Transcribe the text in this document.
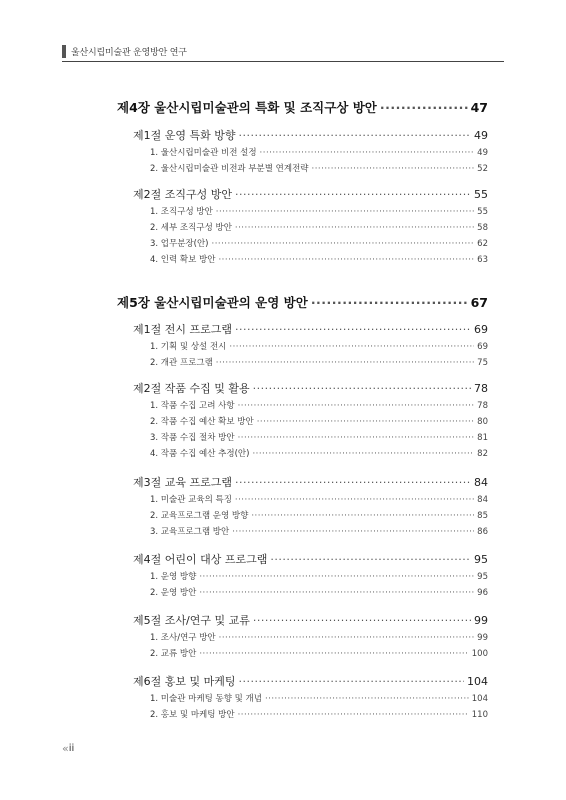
울산시립미술관 운영방안 연구
제4장 울산시립미술관의 특화 및 조직구상 방안 ·····	47
제1절 운영 특화 방향 ·····	49
1. 울산시립미술관 비전 설정 ·····	49
2. 울산시립미술관 비전과 부분별 연계전략 ·····	52
제2절 조직구성 방안 ·····	55
1. 조직구성 방안 ·····	55
2. 세부 조직구성 방안 ·····	58
3. 업무분장(안) ·····	62
4. 인력 확보 방안 ·····	63
제5장 울산시립미술관의 운영 방안 ·····	67
제1절 전시 프로그램 ·····	69
1. 기획 및 상설 전시 ·····	69
2. 개관 프로그램 ·····	75
제2절 작품 수집 및 활용 ·····	78
1. 작품 수집 고려 사항 ·····	78
2. 작품 수집 예산 확보 방안 ·····	80
3. 작품 수집 절차 방안 ·····	81
4. 작품 수집 예산 추정(안) ·····	82
제3절 교육 프로그램 ·····	84
1. 미술관 교육의 특징 ·····	84
2. 교육프로그램 운영 방향 ·····	85
3. 교육프로그램 방안 ·····	86
제4절 어린이 대상 프로그램 ·····	95
1. 운영 방향 ·····	95
2. 운영 방안 ·····	96
제5절 조사/연구 및 교류 ·····	99
1. 조사/연구 방안 ·····	99
2. 교류 방안 ·····	100
제6절 홍보 및 마케팅 ·····	104
1. 미술관 마케팅 동향 및 개념 ·····	104
2. 홍보 및 마케팅 방안 ·····	110
« ii
